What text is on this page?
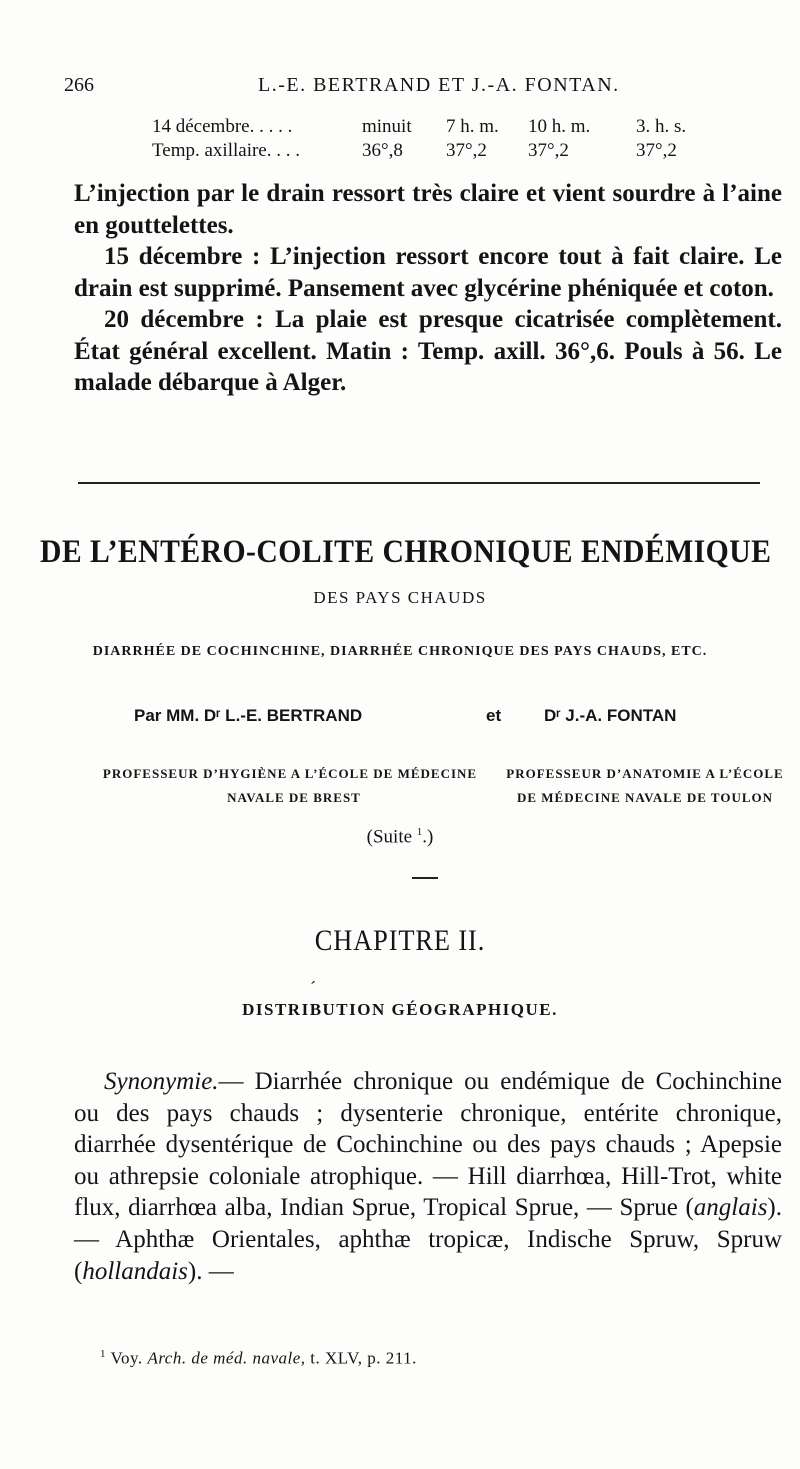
266	L.-E. BERTRAND ET J.-A. FONTAN.
14 décembre. . . . .	minuit 7 h. m. 10 h. m. 3. h. s.
Temp. axillaire. . . .	36°,8 37°,2 37°,2	37°,2

L’injection par le drain ressort très claire et vient sourdre à l’aine en gouttelettes.

15 décembre : L’injection ressort encore tout à fait claire. Le drain est supprimé. Pansement avec glycérine phéniquée et coton.

20 décembre : La plaie est presque cicatrisée complètement. État général excellent. Matin : Temp. axill. 36°,6. Pouls à 56. Le malade débarque à Alger.

DE L’ENTÉRO-COLITE CHRONIQUE ENDÉMIQUE
DES PAYS CHAUDS
DIARRHÉE DE COCHINCHINE, DIARRHÉE CHRONIQUE DES PAYS CHAUDS, ETC.
Par MM. Dʳ L.-E. BERTRAND	et	Dʳ J.-A. FONTAN
PROFESSEUR D’HYGIÈNE A L’ÉCOLE DE MÉDECINE
NAVALE DE BREST
PROFESSEUR D’ANATOMIE A L’ÉCOLE
DE MÉDECINE NAVALE DE TOULON
(Suite $^1$.)
CHAPITRE II.
ˊ
DISTRIBUTION GÉOGRAPHIQUE.

Synonymie.— Diarrhée chronique ou endémique de Cochinchine ou des pays chauds ; dysenterie chronique, entérite chronique, diarrhée dysentérique de Cochinchine ou des pays chauds ; Apepsie ou athrepsie coloniale atrophique. — Hill diarrhœa, Hill-Trot, white flux, diarrhœa alba, Indian Sprue, Tropical Sprue, — Sprue (anglais). — Aphthæ Orientales, aphthæ tropicæ, Indische Spruw, Spruw (hollandais). —

$^1$ Voy. Arch. de méd. navale, t. XLV, p. 211.
